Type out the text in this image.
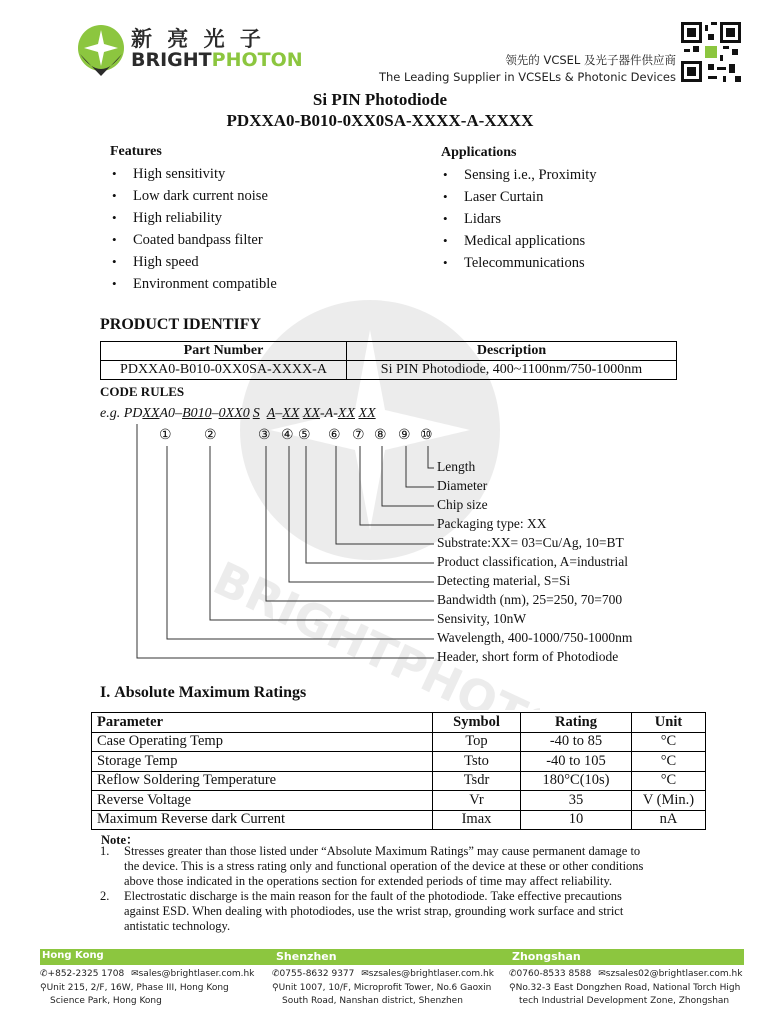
BRIGHTPHOTON
新 亮 光 子
BRIGHTPHOTON	领先的 VCSEL 及光子器件供应商
The Leading Supplier in VCSELs & Photonic Devices
Si PIN Photodiode
PDXXA0-B010-0XX0SA-XXXX-A-XXXX
Features
• High sensitivity
• Low dark current noise
• High reliability
• Coated bandpass filter
• High speed
• Environment compatible
Applications
• Sensing i.e., Proximity
• Laser Curtain
• Lidars
• Medical applications
• Telecommunications
PRODUCT IDENTIFY
Part Number	Description
PDXXA0-B010-0XX0SA-XXXX-A	Si PIN Photodiode, 400~1100nm/750-1000nm
CODE RULES
e.g. PDXXA0–B010–0XX0 S A–XX XX-A-XX XX
① ②	③ ④ ⑤ ⑥ ⑦ ⑧ ⑨ ⑩
Length
Diameter
Chip size
Packaging type: XX
Substrate:XX= 03=Cu/Ag, 10=BT
Product classification, A=industrial
Detecting material, S=Si
Bandwidth (nm), 25=250, 70=700
Sensivity, 10nW
Wavelength, 400-1000/750-1000nm
Header, short form of Photodiode
I. Absolute Maximum Ratings
Parameter	Symbol	Rating	Unit
Case Operating Temp	Top	-40 to 85	°C
Storage Temp	Tsto	-40 to 105	°C
Reflow Soldering Temperature	Tsdr	180°C(10s)	°C
Reverse Voltage	Vr	35	V (Min.)
Maximum Reverse dark Current	Imax	10	nA
Note：
1. Stresses greater than those listed under “Absolute Maximum Ratings” may cause permanent damage to
the device. This is a stress rating only and functional operation of the device at these or other conditions
above those indicated in the operations section for extended periods of time may affect reliability.
2. Electrostatic discharge is the main reason for the fault of the photodiode. Take effective precautions
against ESD. When dealing with photodiodes, use the wrist strap, grounding work surface and strict
antistatic technology.
Hong Kong	Shenzhen	Zhongshan
✆+852-2325 1708 ✉sales@brightlaser.com.hk
⚲Unit 215, 2/F, 16W, Phase III, Hong Kong
Science Park, Hong Kong
✆0755-8632 9377 ✉szsales@brightlaser.com.hk
⚲Unit 1007, 10/F, Microprofit Tower, No.6 Gaoxin
South Road, Nanshan district, Shenzhen
✆0760-8533 8588 ✉szsales02@brightlaser.com.hk
⚲No.32-3 East Dongzhen Road, National Torch High
tech Industrial Development Zone, Zhongshan
